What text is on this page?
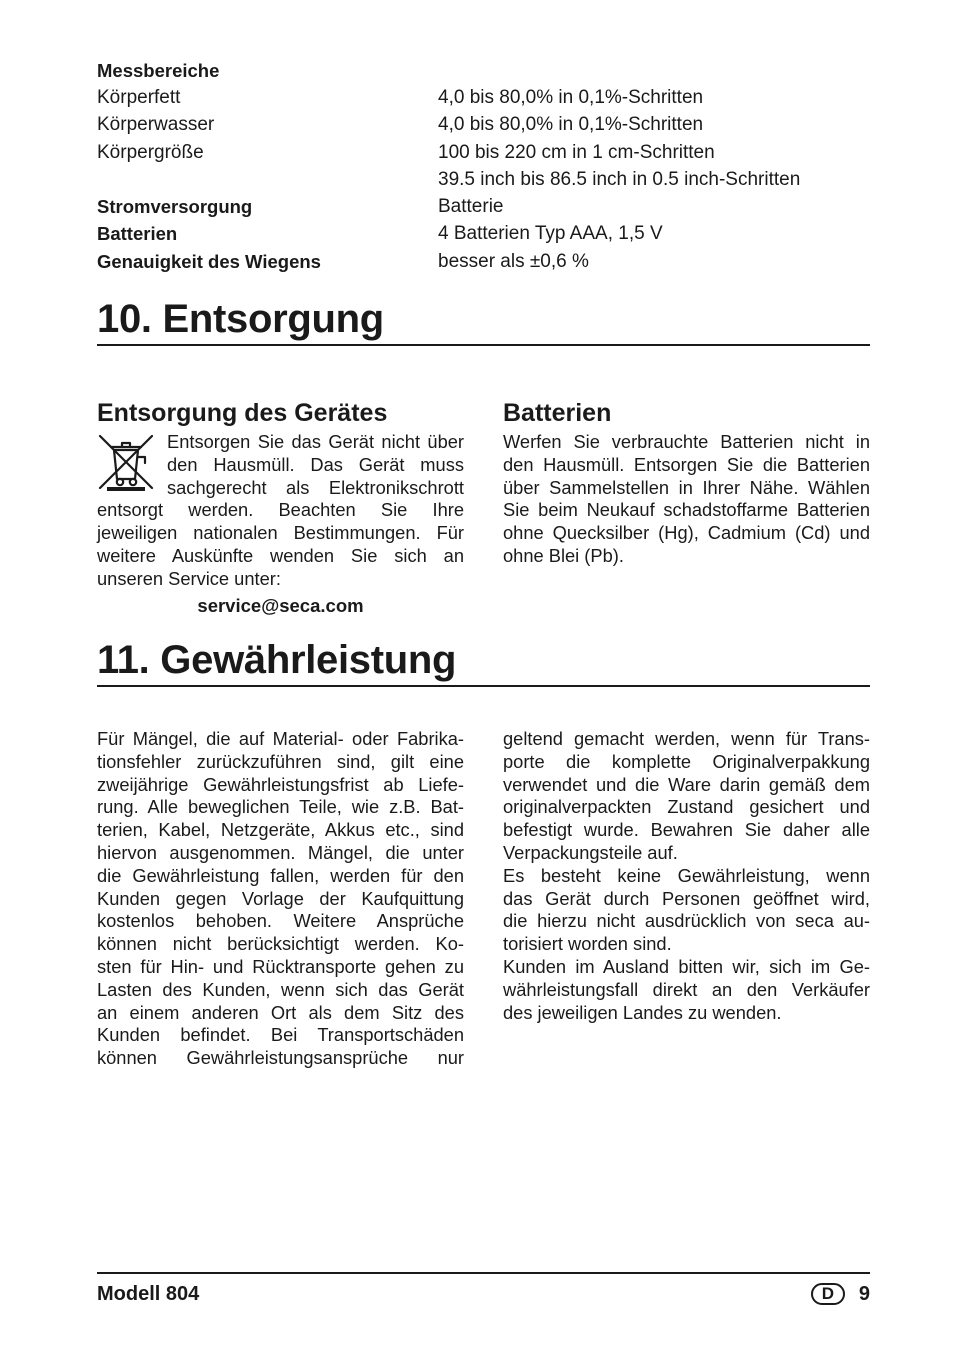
Messbereiche
Körperfett	4,0 bis 80,0% in 0,1%-Schritten
Körperwasser	4,0 bis 80,0% in 0,1%-Schritten
Körpergröße	100 bis 220 cm in 1 cm-Schritten
39.5 inch bis 86.5 inch in 0.5 inch-Schritten
Stromversorgung	Batterie
Batterien	4 Batterien Typ AAA, 1,5 V
Genauigkeit des Wiegens	besser als ±0,6 %
10. Entsorgung
Entsorgung des Gerätes

Entsorgen Sie das Gerät nicht über den Hausmüll. Das Gerät muss sachgerecht als Elektronikschrott entsorgt werden. Beachten Sie Ihre jeweiligen nationalen Bestimmungen. Für weitere Auskünfte wenden Sie sich an unseren Service unter:

service@seca.com
Batterien

Werfen Sie verbrauchte Batterien nicht in den Hausmüll. Entsorgen Sie die Batterien über Sammelstellen in Ihrer Nähe. Wählen Sie beim Neukauf schadstoffarme Batterien ohne Quecksilber (Hg), Cadmium (Cd) und ohne Blei (Pb).

11. Gewährleistung
Für Mängel, die auf Material- oder Fabrika-
tionsfehler zurückzuführen sind, gilt eine
zweijährige Gewährleistungsfrist ab Liefe-
rung. Alle beweglichen Teile, wie z.B. Bat-
terien, Kabel, Netzgeräte, Akkus etc., sind
hiervon ausgenommen. Mängel, die unter
die Gewährleistung fallen, werden für den
Kunden gegen Vorlage der Kaufquittung
kostenlos behoben. Weitere Ansprüche
können nicht berücksichtigt werden. Ko-
sten für Hin- und Rücktransporte gehen zu
Lasten des Kunden, wenn sich das Gerät
an einem anderen Ort als dem Sitz des
Kunden befindet. Bei Transportschäden
können Gewährleistungsansprüche nur
geltend gemacht werden, wenn für Trans-
porte die komplette Originalverpakkung
verwendet und die Ware darin gemäß dem
originalverpackten Zustand gesichert und
befestigt wurde. Bewahren Sie daher alle
Verpackungsteile auf.
Es besteht keine Gewährleistung, wenn
das Gerät durch Personen geöffnet wird,
die hierzu nicht ausdrücklich von seca au-
torisiert worden sind.
Kunden im Ausland bitten wir, sich im Ge-
währleistungsfall direkt an den Verkäufer
des jeweiligen Landes zu wenden.
Modell 804	D	9
